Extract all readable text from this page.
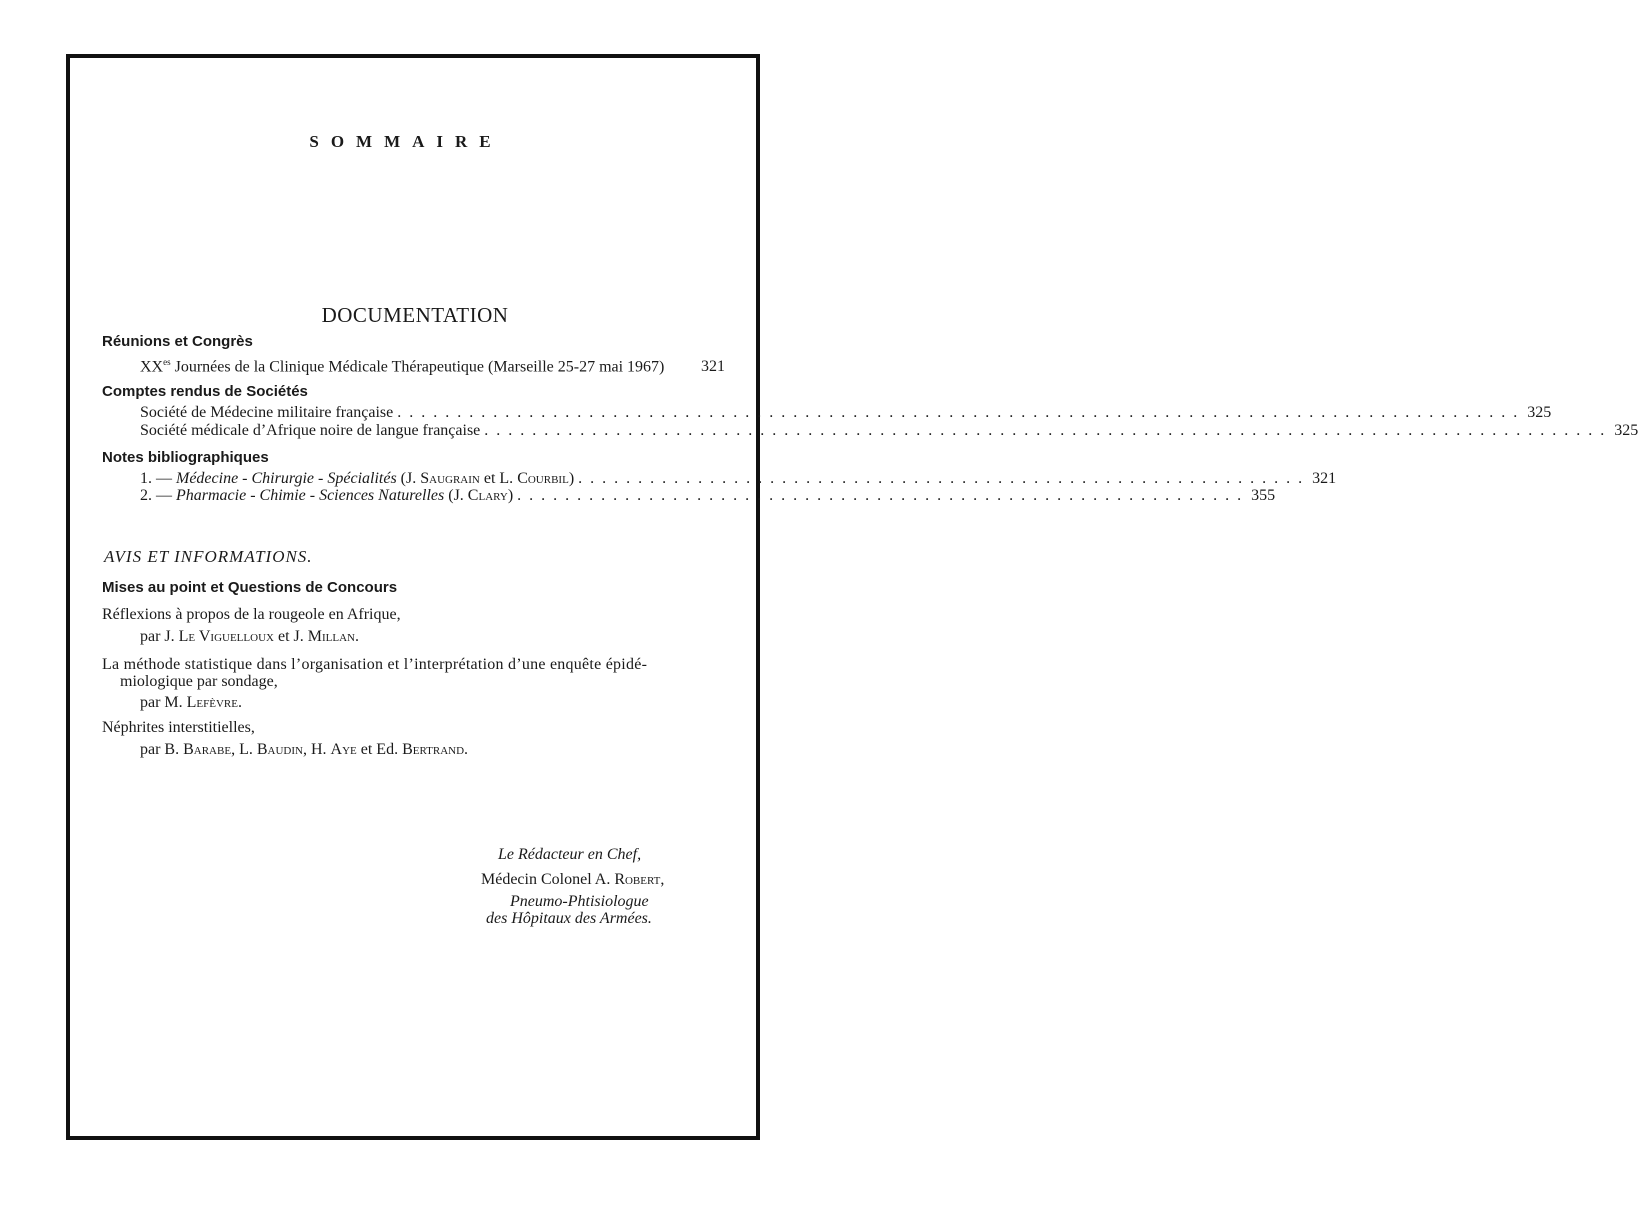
SOMMAIRE
DOCUMENTATION
Réunions et Congrès
$XX^{es}$ Journées de la Clinique Médicale Thérapeutique (Marseille 25-27 mai 1967) 321
Comptes rendus de Sociétés
Société de Médecine militaire française . . . . . . . . . . . . . . . . . . . . . . . . . . . . . . . . . . . . . . . . . . . . . . . . . . . . . . . . . . . . . . . . . . . . . . . . . . . . . . . . . . . . . . . . . . . . . . 325
Société médicale d’Afrique noire de langue française . . . . . . . . . . . . . . . . . . . . . . . . . . . . . . . . . . . . . . . . . . . . . . . . . . . . . . . . . . . . . . . . . . . . . . . . . . . . . . . . . . . . . . . . . . . . . . 325
Notes bibliographiques
1. — Médecine - Chirurgie - Spécialités (J. Saugrain et L. Courbil) . . . . . . . . . . . . . . . . . . . . . . . . . . . . . . . . . . . . . . . . . . . . . . . . . . . . . . . . . . . . . 321
2. — Pharmacie - Chimie - Sciences Naturelles (J. Clary) . . . . . . . . . . . . . . . . . . . . . . . . . . . . . . . . . . . . . . . . . . . . . . . . . . . . . . . . . . . . . 355
AVIS ET INFORMATIONS.
Mises au point et Questions de Concours
Réflexions à propos de la rougeole en Afrique,
par J. Le Viguelloux et J. Millan.
La méthode statistique dans l’organisation et l’interprétation d’une enquête épidé-
miologique par sondage,
par M. Lefèvre.
Néphrites interstitielles,
par B. Barabe, L. Baudin, H. Aye et Ed. Bertrand.
Le Rédacteur en Chef,
Médecin Colonel A. Robert,
Pneumo-Phtisiologue
des Hôpitaux des Armées.
